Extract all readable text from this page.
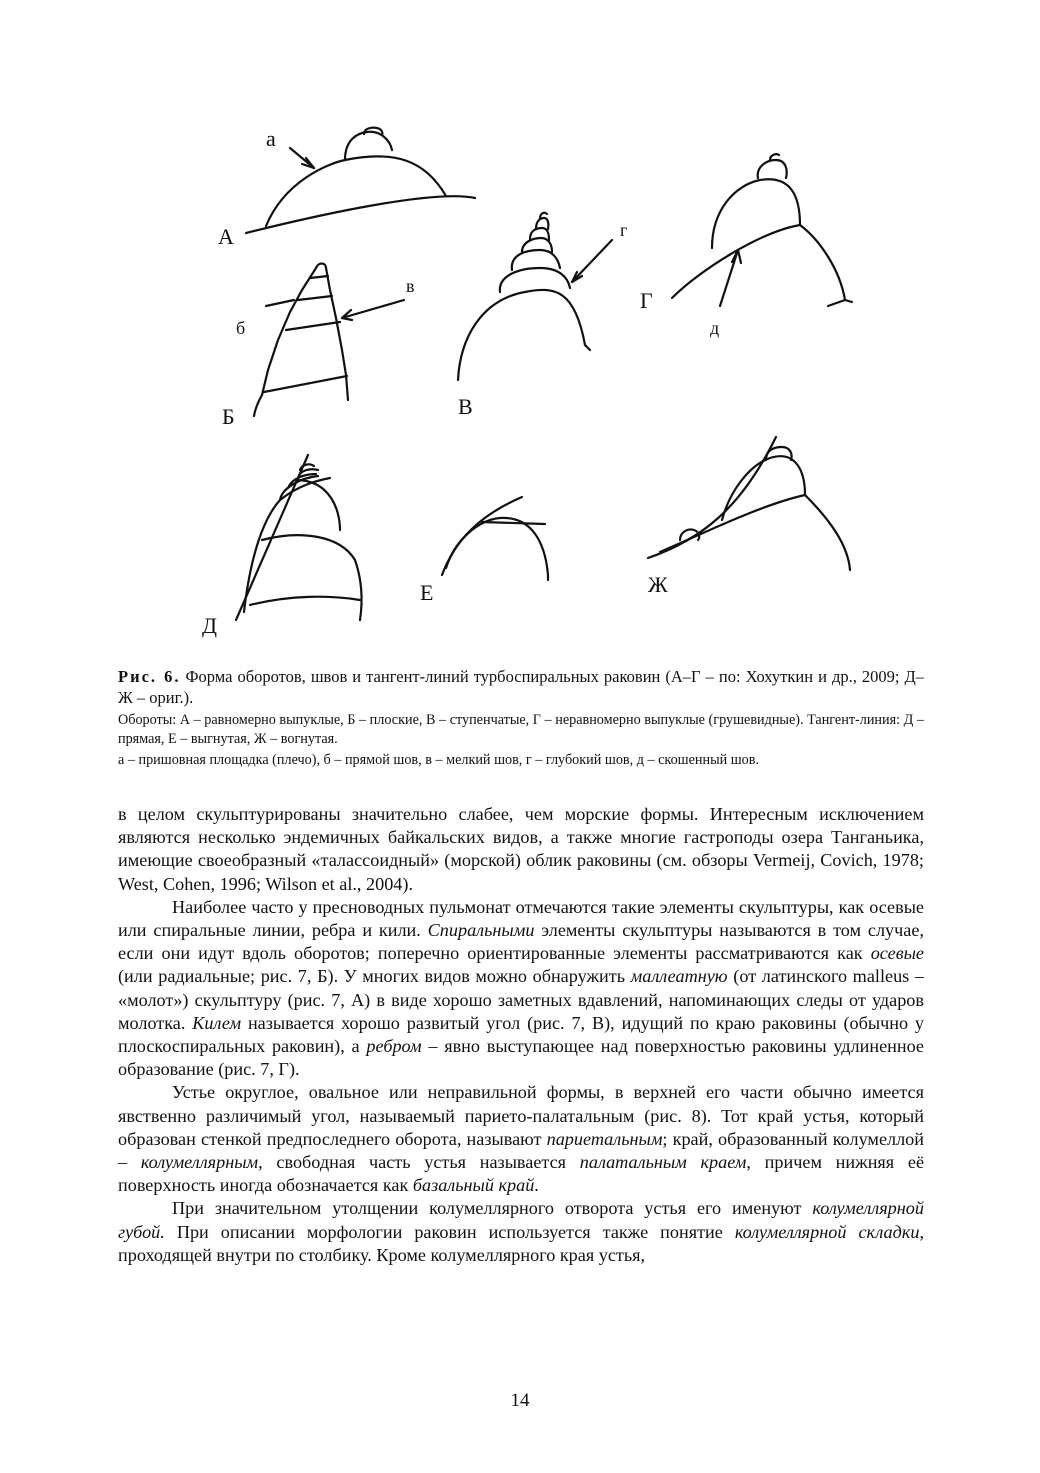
А
а
Б
б
в
В
г
Г
д
Д
Е	Ж
Рис. 6. Форма оборотов, швов и тангент-линий турбоспиральных раковин (А–Г – по: Хохуткин и др., 2009; Д–Ж – ориг.).
Обороты: А – равномерно выпуклые, Б – плоские, В – ступенчатые, Г – неравномерно выпуклые (грушевидные). Тангент-линия: Д – прямая, Е – выгнутая, Ж – вогнутая.
а – пришовная площадка (плечо), б – прямой шов, в – мелкий шов, г – глубокий шов, д – скошенный шов.

в целом скульптурированы значительно слабее, чем морские формы. Интересным исключением являются несколько эндемичных байкальских видов, а также многие гастроподы озера Танганьика, имеющие своеобразный «талассоидный» (морской) облик раковины (см. обзоры Vermeij, Covich, 1978; West, Cohen, 1996; Wilson et al., 2004).

Наиболее часто у пресноводных пульмонат отмечаются такие элементы скульптуры, как осевые или спиральные линии, ребра и кили. Спиральными элементы скульптуры называются в том случае, если они идут вдоль оборотов; поперечно ориентированные элементы рассматриваются как осевые (или радиальные; рис. 7, Б). У многих видов можно обнаружить маллеатную (от латинского malleus – «молот») скульптуру (рис. 7, А) в виде хорошо заметных вдавлений, напоминающих следы от ударов молотка. Килем называется хорошо развитый угол (рис. 7, В), идущий по краю раковины (обычно у плоскоспиральных раковин), а ребром – явно выступающее над поверхностью раковины удлиненное образование (рис. 7, Г).

Устье округлое, овальное или неправильной формы, в верхней его части обычно имеется явственно различимый угол, называемый париетo-палатальным (рис. 8). Тот край устья, который образован стенкой предпоследнего оборота, называют париетальным; край, образованный колумеллой – колумеллярным, свободная часть устья называется палатальным краем, причем нижняя её поверхность иногда обозначается как базальный край.

При значительном утолщении колумеллярного отворота устья его именуют колумеллярной губой. При описании морфологии раковин используется также понятие колумеллярной складки, проходящей внутри по столбику. Кроме колумеллярного края устья,

14
